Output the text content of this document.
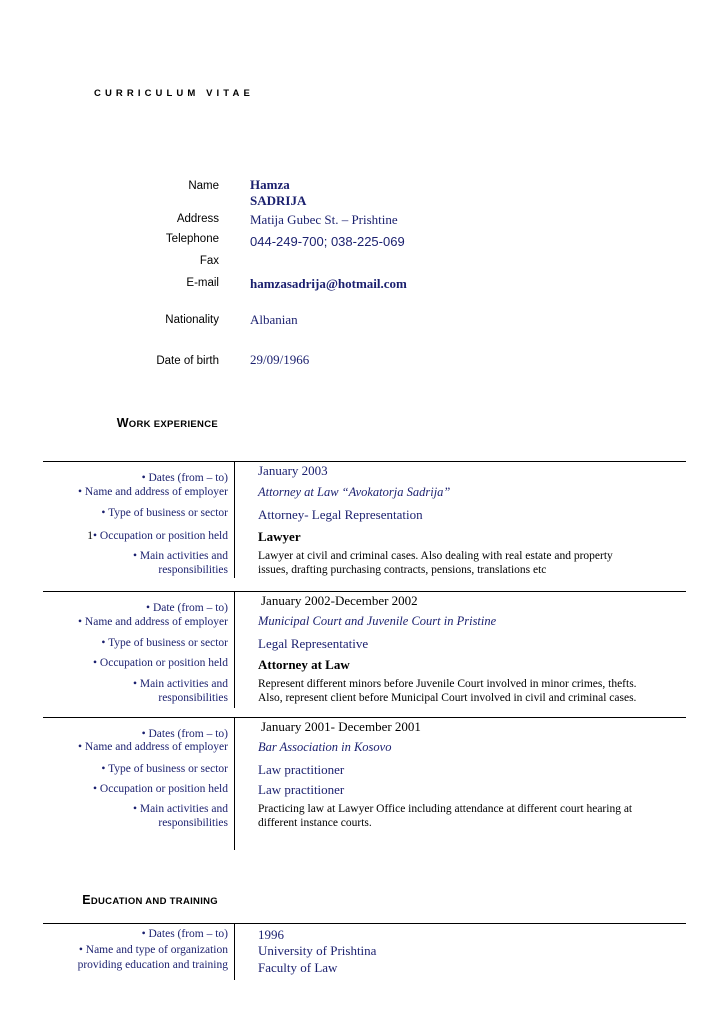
CURRICULUM VITAE
Name Hamza
SADRIJA
Address Matija Gubec St. – Prishtine
Telephone 044-249-700; 038-225-069
Fax
E-mail hamzasadrija@hotmail.com
Nationality Albanian
Date of birth 29/09/1966
WORK EXPERIENCE
• Dates (from – to)
• Name and address of employer
• Type of business or sector
1• Occupation or position held
• Main activities and
responsibilities
January 2003
Attorney at Law “Avokatorja Sadrija”
Attorney- Legal Representation
Lawyer
Lawyer at civil and criminal cases. Also dealing with real estate and property
issues, drafting purchasing contracts, pensions, translations etc
• Date (from – to)
• Name and address of employer
• Type of business or sector
• Occupation or position held
• Main activities and
responsibilities
January 2002-December 2002
Municipal Court and Juvenile Court in Pristine
Legal Representative
Attorney at Law
Represent different minors before Juvenile Court involved in minor crimes, thefts.
Also, represent client before Municipal Court involved in civil and criminal cases.
• Dates (from – to)
• Name and address of employer
• Type of business or sector
• Occupation or position held
• Main activities and
responsibilities
January 2001- December 2001
Bar Association in Kosovo
Law practitioner
Law practitioner
Practicing law at Lawyer Office including attendance at different court hearing at
different instance courts.
EDUCATION AND TRAINING
• Dates (from – to)
• Name and type of organization
providing education and training
1996
University of Prishtina
Faculty of Law
